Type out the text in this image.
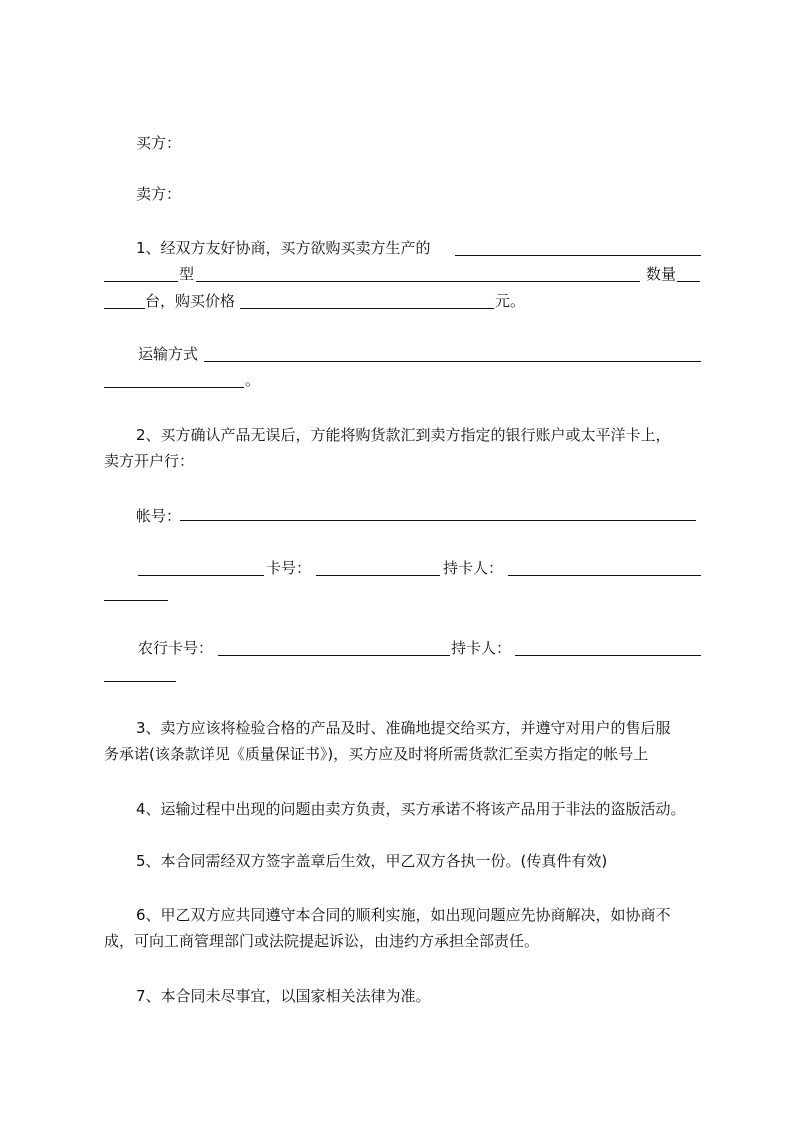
买方：
卖方：
1、经双方友好协商，买方欲购买卖方生产的
型	数量
台，购买价格	元。
运输方式
。
2、买方确认产品无误后，方能将购货款汇到卖方指定的银行账户或太平洋卡上，
卖方开户行：
帐号：
卡号：	持卡人：
农行卡号：	持卡人：
3、卖方应该将检验合格的产品及时、准确地提交给买方，并遵守对用户的售后服
务承诺(该条款详见《质量保证书》)，买方应及时将所需货款汇至卖方指定的帐号上
4、运输过程中出现的问题由卖方负责，买方承诺不将该产品用于非法的盗版活动。
5、本合同需经双方签字盖章后生效，甲乙双方各执一份。(传真件有效)
6、甲乙双方应共同遵守本合同的顺利实施，如出现问题应先协商解决，如协商不
成，可向工商管理部门或法院提起诉讼，由违约方承担全部责任。
7、本合同未尽事宜，以国家相关法律为准。
